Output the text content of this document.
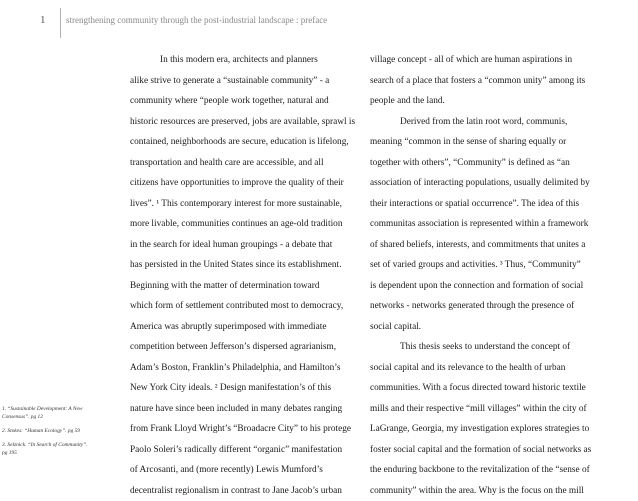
1 strengthening community through the post-industrial landscape : preface
In this modern era, architects and planners
alike strive to generate a “sustainable community” - a
community where “people work together, natural and
historic resources are preserved, jobs are available, sprawl is
contained, neighborhoods are secure, education is lifelong,
transportation and health care are accessible, and all
citizens have opportunities to improve the quality of their
lives”. ¹ This contemporary interest for more sustainable,
more livable, communities continues an age-old tradition
in the search for ideal human groupings - a debate that
has persisted in the United States since its establishment.
Beginning with the matter of determination toward
which form of settlement contributed most to democracy,
America was abruptly superimposed with immediate
competition between Jefferson’s dispersed agrarianism,
Adam’s Boston, Franklin’s Philadelphia, and Hamilton’s
New York City ideals. ² Design manifestation’s of this
nature have since been included in many debates ranging
from Frank Lloyd Wright’s “Broadacre City” to his protege
Paolo Soleri’s radically different “organic” manifestation
of Arcosanti, and (more recently) Lewis Mumford’s
decentralist regionalism in contrast to Jane Jacob’s urban
village concept - all of which are human aspirations in
search of a place that fosters a “common unity” among its
people and the land.
Derived from the latin root word, communis,
meaning “common in the sense of sharing equally or
together with others”, “Community” is defined as “an
association of interacting populations, usually delimited by
their interactions or spatial occurrence”. The idea of this
communitas association is represented within a framework
of shared beliefs, interests, and commitments that unites a
set of varied groups and activities. ³ Thus, “Community”
is dependent upon the connection and formation of social
networks - networks generated through the presence of
social capital.
This thesis seeks to understand the concept of
social capital and its relevance to the health of urban
communities. With a focus directed toward historic textile
mills and their respective “mill villages” within the city of
LaGrange, Georgia, my investigation explores strategies to
foster social capital and the formation of social networks as
the enduring backbone to the revitalization of the “sense of
community” within the area. Why is the focus on the mill
1. “Sustainable Development: A New
Consensus”. pg 12
2. Stokes: “Human Ecology”. pg 59
3. Selznick. “In Search of Community”.
pg 195
